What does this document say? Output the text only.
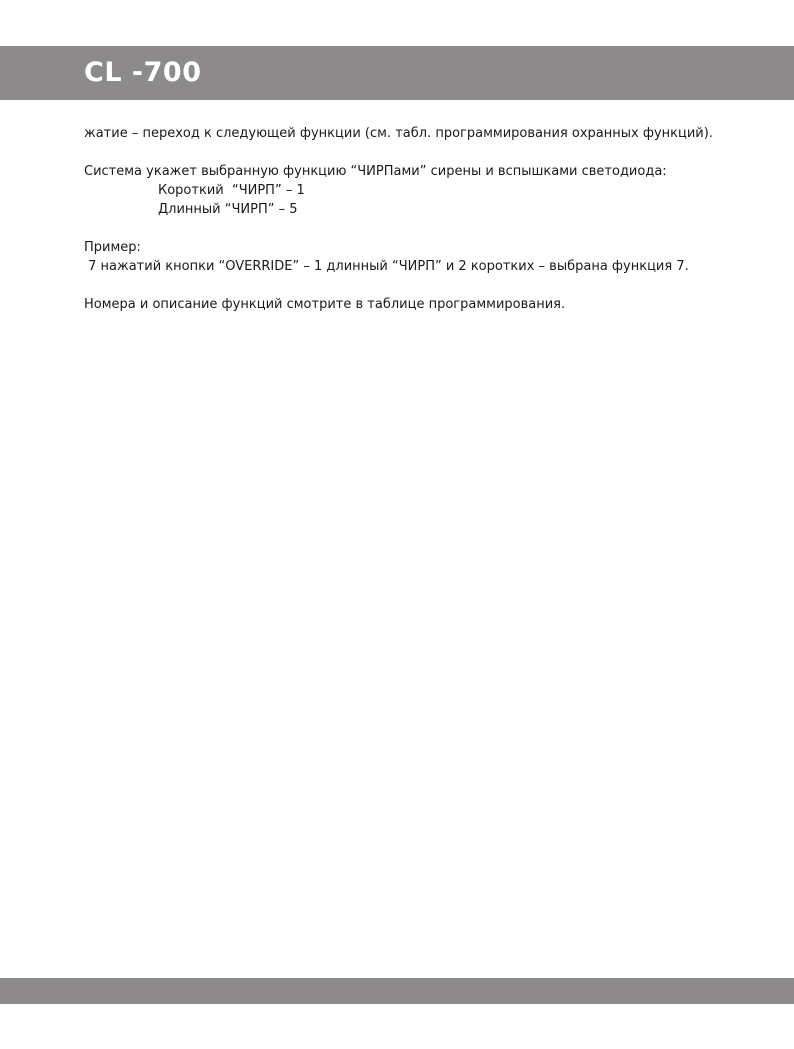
CL -700

жатие – переход к следующей функции (см. табл. программирования охранных функций).

Система укажет выбранную функцию “ЧИРПами” сирены и вспышками светодиода:

Короткий  “ЧИРП” – 1

Длинный “ЧИРП” – 5

Пример:

7 нажатий кнопки “OVERRIDE” – 1 длинный “ЧИРП” и 2 коротких – выбрана функция 7.

Номера и описание функций смотрите в таблице программирования.
